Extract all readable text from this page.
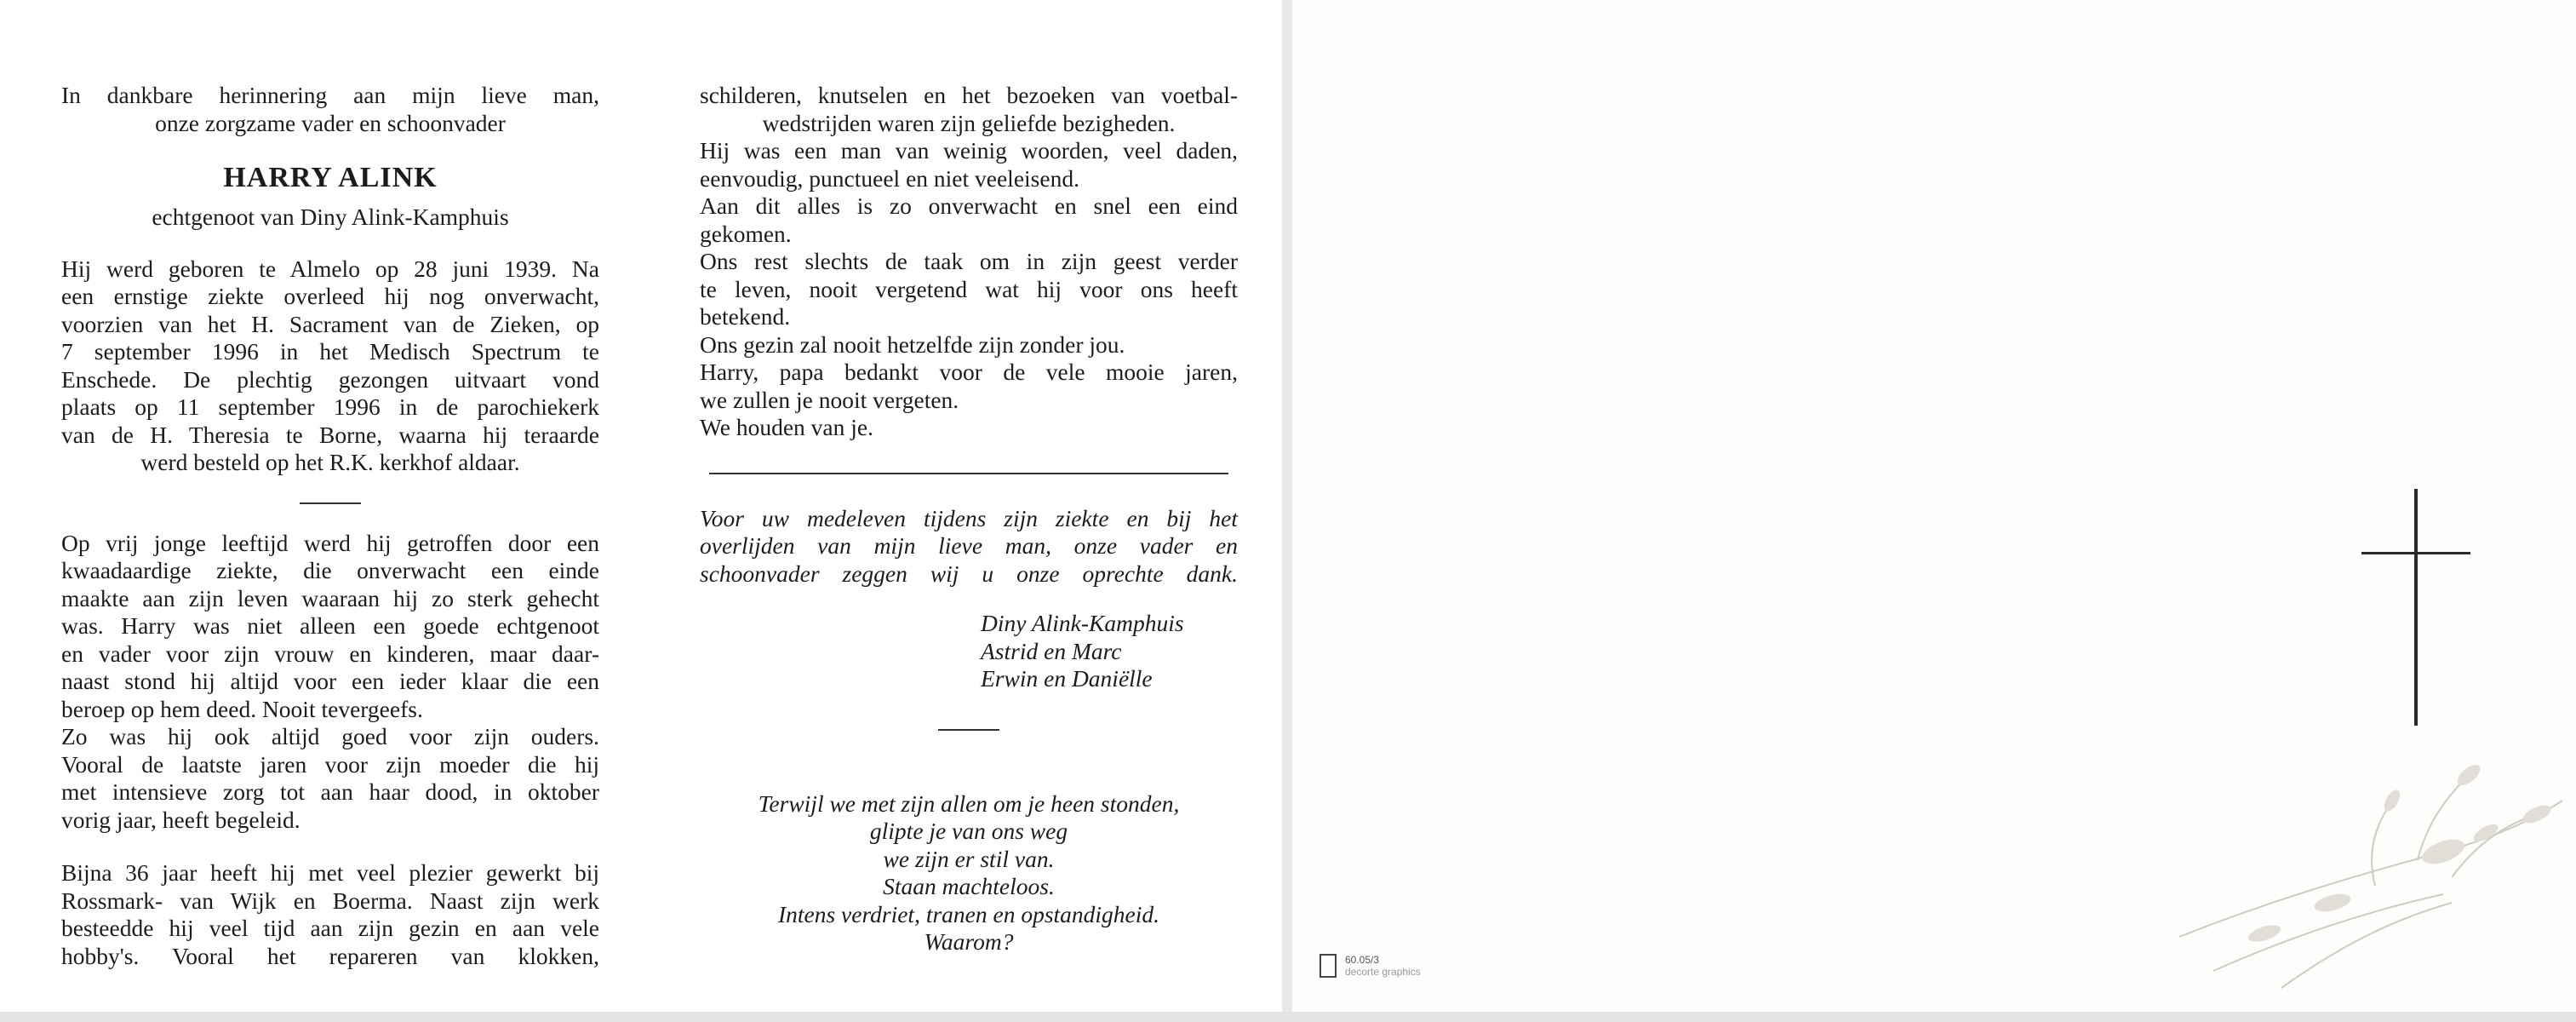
In dankbare herinnering aan mijn lieve man,

onze zorgzame vader en schoonvader

HARRY ALINK

echtgenoot van Diny Alink-Kamphuis

Hij werd geboren te Almelo op 28 juni 1939. Na

een ernstige ziekte overleed hij nog onverwacht,

voorzien van het H. Sacrament van de Zieken, op

7 september 1996 in het Medisch Spectrum te

Enschede. De plechtig gezongen uitvaart vond

plaats op 11 september 1996 in de parochiekerk

van de H. Theresia te Borne, waarna hij teraarde

werd besteld op het R.K. kerkhof aldaar.

Op vrij jonge leeftijd werd hij getroffen door een

kwaadaardige ziekte, die onverwacht een einde

maakte aan zijn leven waaraan hij zo sterk gehecht

was. Harry was niet alleen een goede echtgenoot

en vader voor zijn vrouw en kinderen, maar daar-

naast stond hij altijd voor een ieder klaar die een

beroep op hem deed. Nooit tevergeefs.

Zo was hij ook altijd goed voor zijn ouders.

Vooral de laatste jaren voor zijn moeder die hij

met intensieve zorg tot aan haar dood, in oktober

vorig jaar, heeft begeleid.

Bijna 36 jaar heeft hij met veel plezier gewerkt bij

Rossmark- van Wijk en Boerma. Naast zijn werk

besteedde hij veel tijd aan zijn gezin en aan vele

hobby's. Vooral het repareren van klokken,

schilderen, knutselen en het bezoeken van voetbal-

wedstrijden waren zijn geliefde bezigheden.

Hij was een man van weinig woorden, veel daden,

eenvoudig, punctueel en niet veeleisend.

Aan dit alles is zo onverwacht en snel een eind

gekomen.

Ons rest slechts de taak om in zijn geest verder

te leven, nooit vergetend wat hij voor ons heeft

betekend.

Ons gezin zal nooit hetzelfde zijn zonder jou.

Harry, papa bedankt voor de vele mooie jaren,

we zullen je nooit vergeten.

We houden van je.

Voor uw medeleven tijdens zijn ziekte en bij het

overlijden van mijn lieve man, onze vader en

schoonvader zeggen wij u onze oprechte dank.

Diny Alink-Kamphuis

Astrid en Marc

Erwin en Daniëlle

Terwijl we met zijn allen om je heen stonden,

glipte je van ons weg

we zijn er stil van.

Staan machteloos.

Intens verdriet, tranen en opstandigheid.

Waarom?

60.05/3
decorte graphics
